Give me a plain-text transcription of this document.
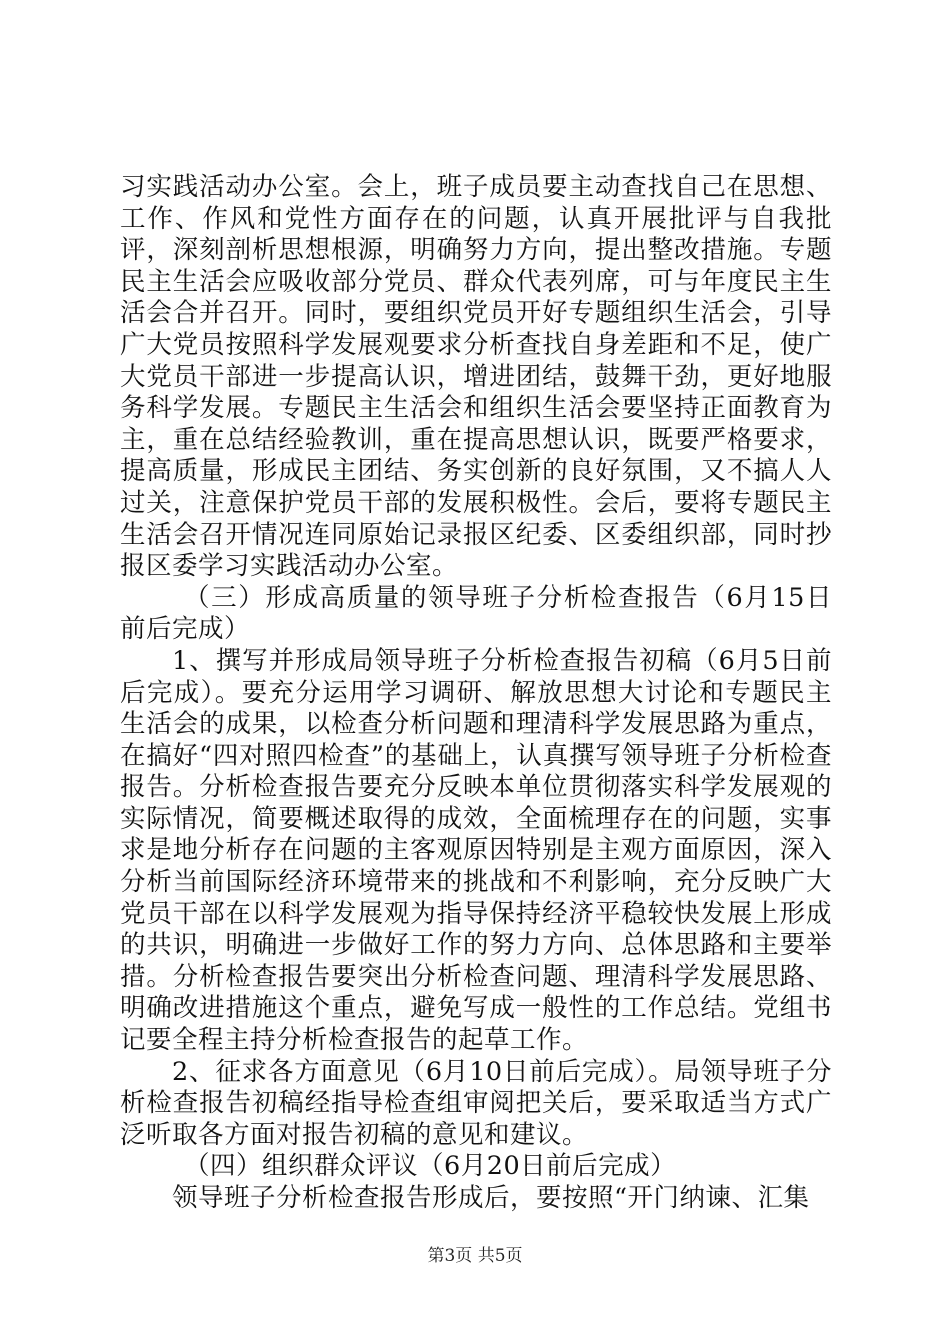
习实践活动办公室。会上，班子成员要主动查找自己在思想、工作、作风和党性方面存在的问题，认真开展批评与自我批评，深刻剖析思想根源，明确努力方向，提出整改措施。专题民主生活会应吸收部分党员、群众代表列席，可与年度民主生活会合并召开。同时，要组织党员开好专题组织生活会，引导广大党员按照科学发展观要求分析查找自身差距和不足，使广大党员干部进一步提高认识，增进团结，鼓舞干劲，更好地服务科学发展。专题民主生活会和组织生活会要坚持正面教育为主，重在总结经验教训，重在提高思想认识，既要严格要求，提高质量，形成民主团结、务实创新的良好氛围，又不搞人人过关，注意保护党员干部的发展积极性。会后，要将专题民主生活会召开情况连同原始记录报区纪委、区委组织部，同时抄报区委学习实践活动办公室。

（三）形成高质量的领导班子分析检查报告（6月15日前后完成）

1、撰写并形成局领导班子分析检查报告初稿（6月5日前后完成）。要充分运用学习调研、解放思想大讨论和专题民主生活会的成果，以检查分析问题和理清科学发展思路为重点，在搞好“四对照四检查”的基础上，认真撰写领导班子分析检查报告。分析检查报告要充分反映本单位贯彻落实科学发展观的实际情况，简要概述取得的成效，全面梳理存在的问题，实事求是地分析存在问题的主客观原因特别是主观方面原因，深入分析当前国际经济环境带来的挑战和不利影响，充分反映广大党员干部在以科学发展观为指导保持经济平稳较快发展上形成的共识，明确进一步做好工作的努力方向、总体思路和主要举措。分析检查报告要突出分析检查问题、理清科学发展思路、明确改进措施这个重点，避免写成一般性的工作总结。党组书记要全程主持分析检查报告的起草工作。

2、征求各方面意见（6月10日前后完成）。局领导班子分析检查报告初稿经指导检查组审阅把关后，要采取适当方式广泛听取各方面对报告初稿的意见和建议。

（四）组织群众评议（6月20日前后完成）

领导班子分析检查报告形成后，要按照“开门纳谏、汇集

第3页 共5页
